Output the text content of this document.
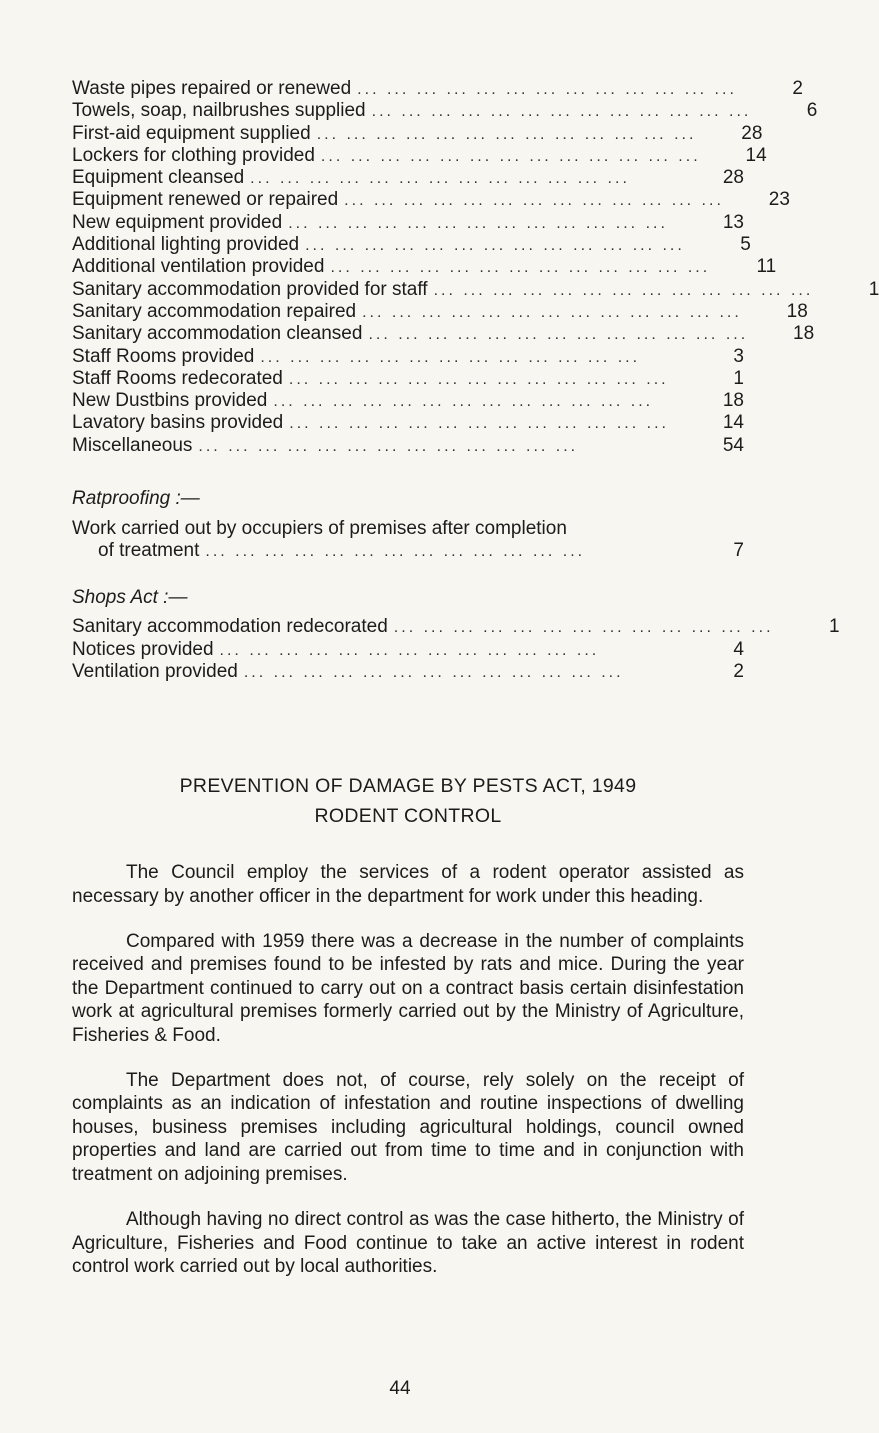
Waste pipes repaired or renewed ... ... ... ... ... ... ... ... ... ... ... ... ...	2
Towels, soap, nailbrushes supplied ... ... ... ... ... ... ... ... ... ... ... ... ...	6
First-aid equipment supplied ... ... ... ... ... ... ... ... ... ... ... ... ...	28
Lockers for clothing provided ... ... ... ... ... ... ... ... ... ... ... ... ...	14
Equipment cleansed ... ... ... ... ... ... ... ... ... ... ... ... ...	28
Equipment renewed or repaired ... ... ... ... ... ... ... ... ... ... ... ... ...	23
New equipment provided ... ... ... ... ... ... ... ... ... ... ... ... ...	13
Additional lighting provided ... ... ... ... ... ... ... ... ... ... ... ... ...	5
Additional ventilation provided ... ... ... ... ... ... ... ... ... ... ... ... ...	11
Sanitary accommodation provided for staff ... ... ... ... ... ... ... ... ... ... ... ... ...	1
Sanitary accommodation repaired ... ... ... ... ... ... ... ... ... ... ... ... ...	18
Sanitary accommodation cleansed ... ... ... ... ... ... ... ... ... ... ... ... ...	18
Staff Rooms provided ... ... ... ... ... ... ... ... ... ... ... ... ...	3
Staff Rooms redecorated ... ... ... ... ... ... ... ... ... ... ... ... ...	1
New Dustbins provided ... ... ... ... ... ... ... ... ... ... ... ... ...	18
Lavatory basins provided ... ... ... ... ... ... ... ... ... ... ... ... ...	14
Miscellaneous ... ... ... ... ... ... ... ... ... ... ... ... ...	54
Ratproofing :—
Work carried out by occupiers of premises after completion
of treatment ... ... ... ... ... ... ... ... ... ... ... ... ...	7
Shops Act :—
Sanitary accommodation redecorated ... ... ... ... ... ... ... ... ... ... ... ... ...	1
Notices provided ... ... ... ... ... ... ... ... ... ... ... ... ...	4
Ventilation provided ... ... ... ... ... ... ... ... ... ... ... ... ...	2
PREVENTION OF DAMAGE BY PESTS ACT, 1949
RODENT CONTROL

The Council employ the services of a rodent operator assisted as necessary by another officer in the department for work under this heading.

Compared with 1959 there was a decrease in the number of complaints received and premises found to be infested by rats and mice. During the year the Department continued to carry out on a contract basis certain disinfestation work at agricultural premises formerly carried out by the Ministry of Agriculture, Fisheries & Food.

The Department does not, of course, rely solely on the receipt of complaints as an indication of infestation and routine inspections of dwelling houses, business premises including agricultural holdings, council owned properties and land are carried out from time to time and in conjunction with treatment on adjoining premises.

Although having no direct control as was the case hitherto, the Ministry of Agriculture, Fisheries and Food continue to take an active interest in rodent control work carried out by local authorities.

44
